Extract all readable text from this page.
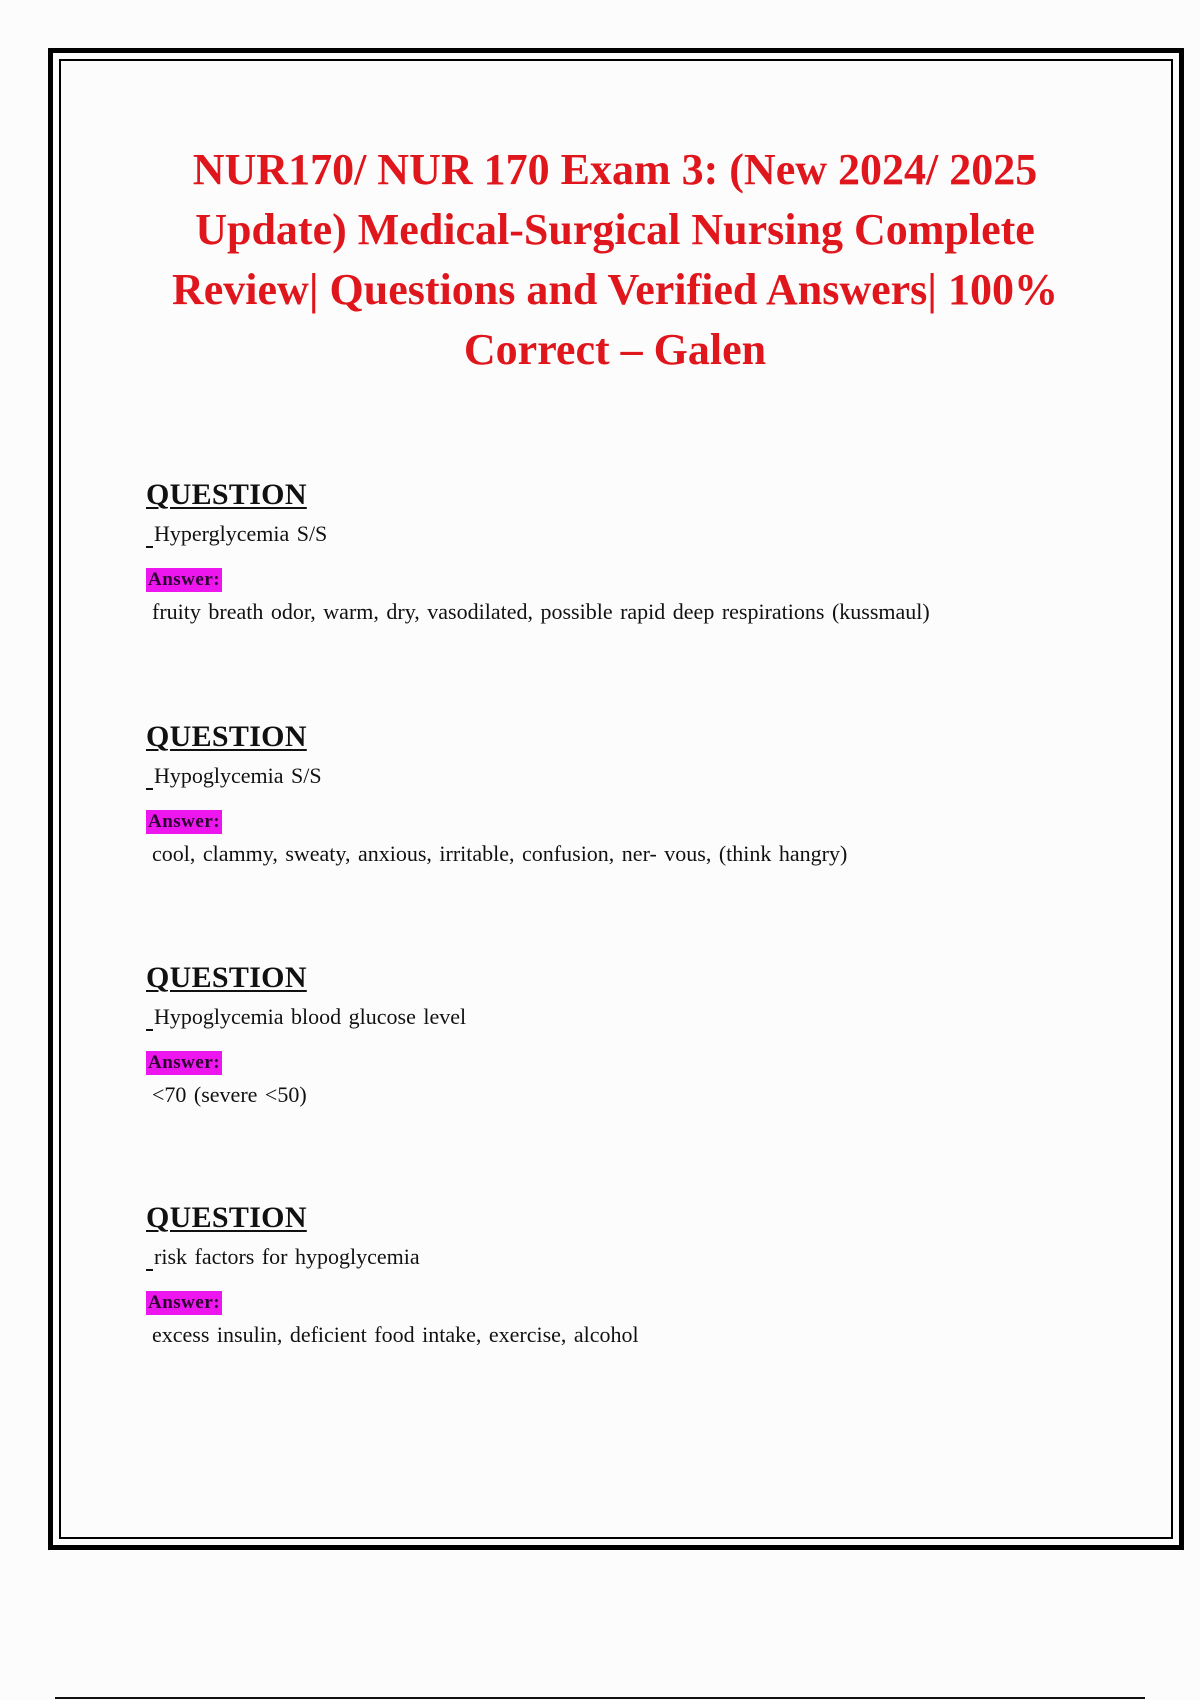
NUR170/ NUR 170 Exam 3: (New 2024/ 2025 Update) Medical-Surgical Nursing Complete Review| Questions and Verified Answers| 100% Correct – Galen
QUESTION
Hyperglycemia S/S
Answer:
fruity breath odor, warm, dry, vasodilated, possible rapid deep respirations (kussmaul)
QUESTION
Hypoglycemia S/S
Answer:
cool, clammy, sweaty, anxious, irritable, confusion, ner- vous, (think hangry)
QUESTION
Hypoglycemia blood glucose level
Answer:
<70 (severe <50)
QUESTION
risk factors for hypoglycemia
Answer:
excess insulin, deficient food intake, exercise, alcohol
